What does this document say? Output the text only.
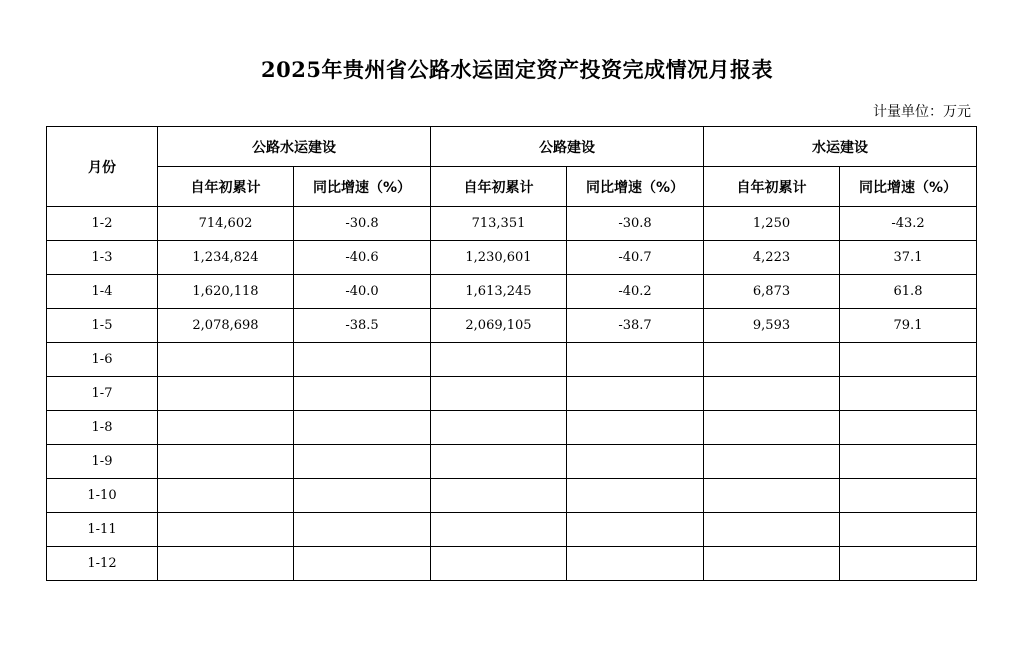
2025年贵州省公路水运固定资产投资完成情况月报表
计量单位：万元
月份	公路水运建设		公路建设		水运建设	
	自年初累计	同比增速（%）	自年初累计	同比增速（%）	自年初累计	同比增速（%）
1-2	714,602	-30.8	713,351	-30.8	1,250	-43.2
1-3	1,234,824	-40.6	1,230,601	-40.7	4,223	37.1
1-4	1,620,118	-40.0	1,613,245	-40.2	6,873	61.8
1-5	2,078,698	-38.5	2,069,105	-38.7	9,593	79.1
1-6						
1-7						
1-8						
1-9						
1-10						
1-11						
1-12						
